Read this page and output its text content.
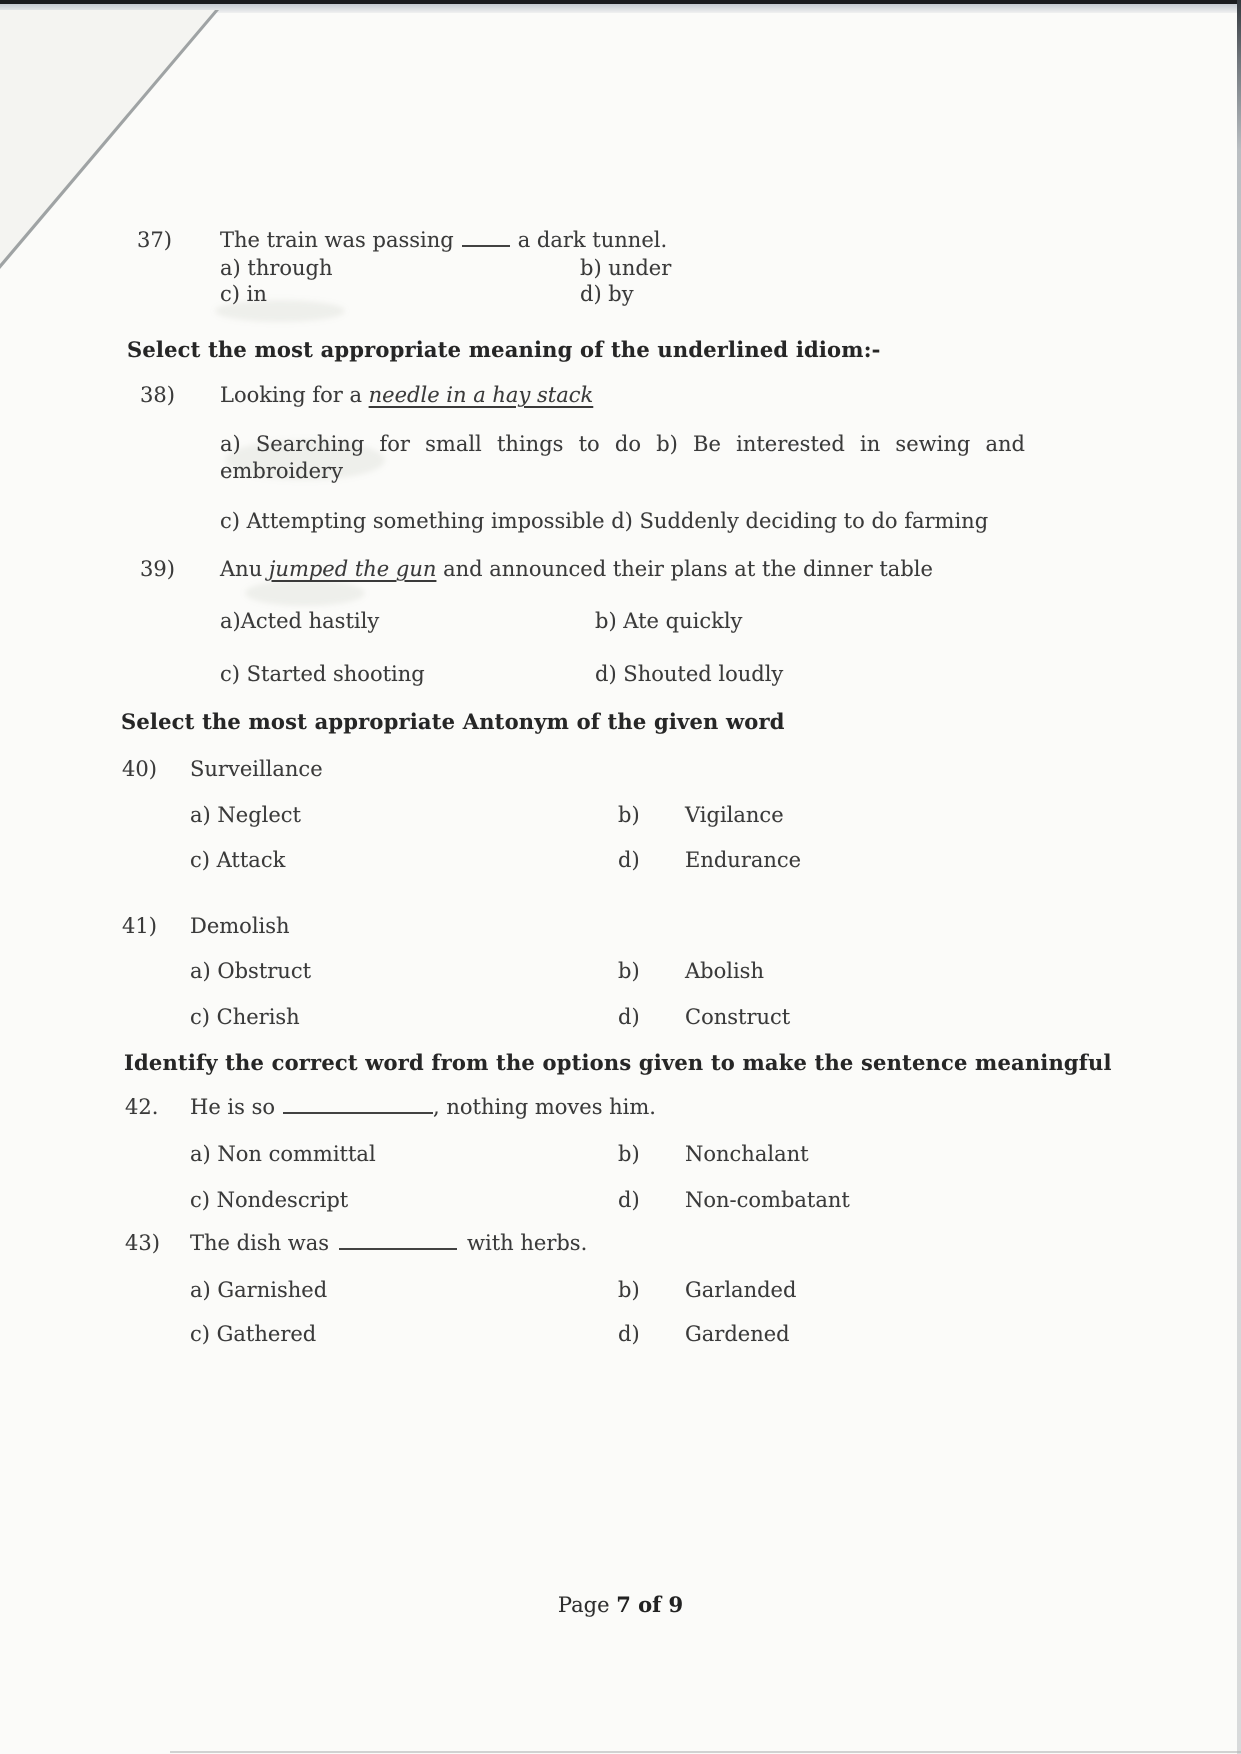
37) The train was passing	a dark tunnel.
a) through	b) under
c) in	d) by
Select the most appropriate meaning of the underlined idiom:-
38) Looking for a needle in a hay stack
a) Searching for small things to do b) Be interested in sewing and
embroidery
c) Attempting something impossible d) Suddenly deciding to do farming
39) Anu jumped the gun and announced their plans at the dinner table
a)Acted hastily	b) Ate quickly
c) Started shooting	d) Shouted loudly
Select the most appropriate Antonym of the given word
40) Surveillance
a) Neglect	b) Vigilance
c) Attack	d) Endurance
41) Demolish
a) Obstruct	b) Abolish
c) Cherish	d) Construct
Identify the correct word from the options given to make the sentence meaningful
42. He is so	, nothing moves him.
a) Non committal	b) Nonchalant
c) Nondescript	d) Non-combatant
43) The dish was	with herbs.
a) Garnished	b) Garlanded
c) Gathered	d) Gardened
Page 7 of 9
